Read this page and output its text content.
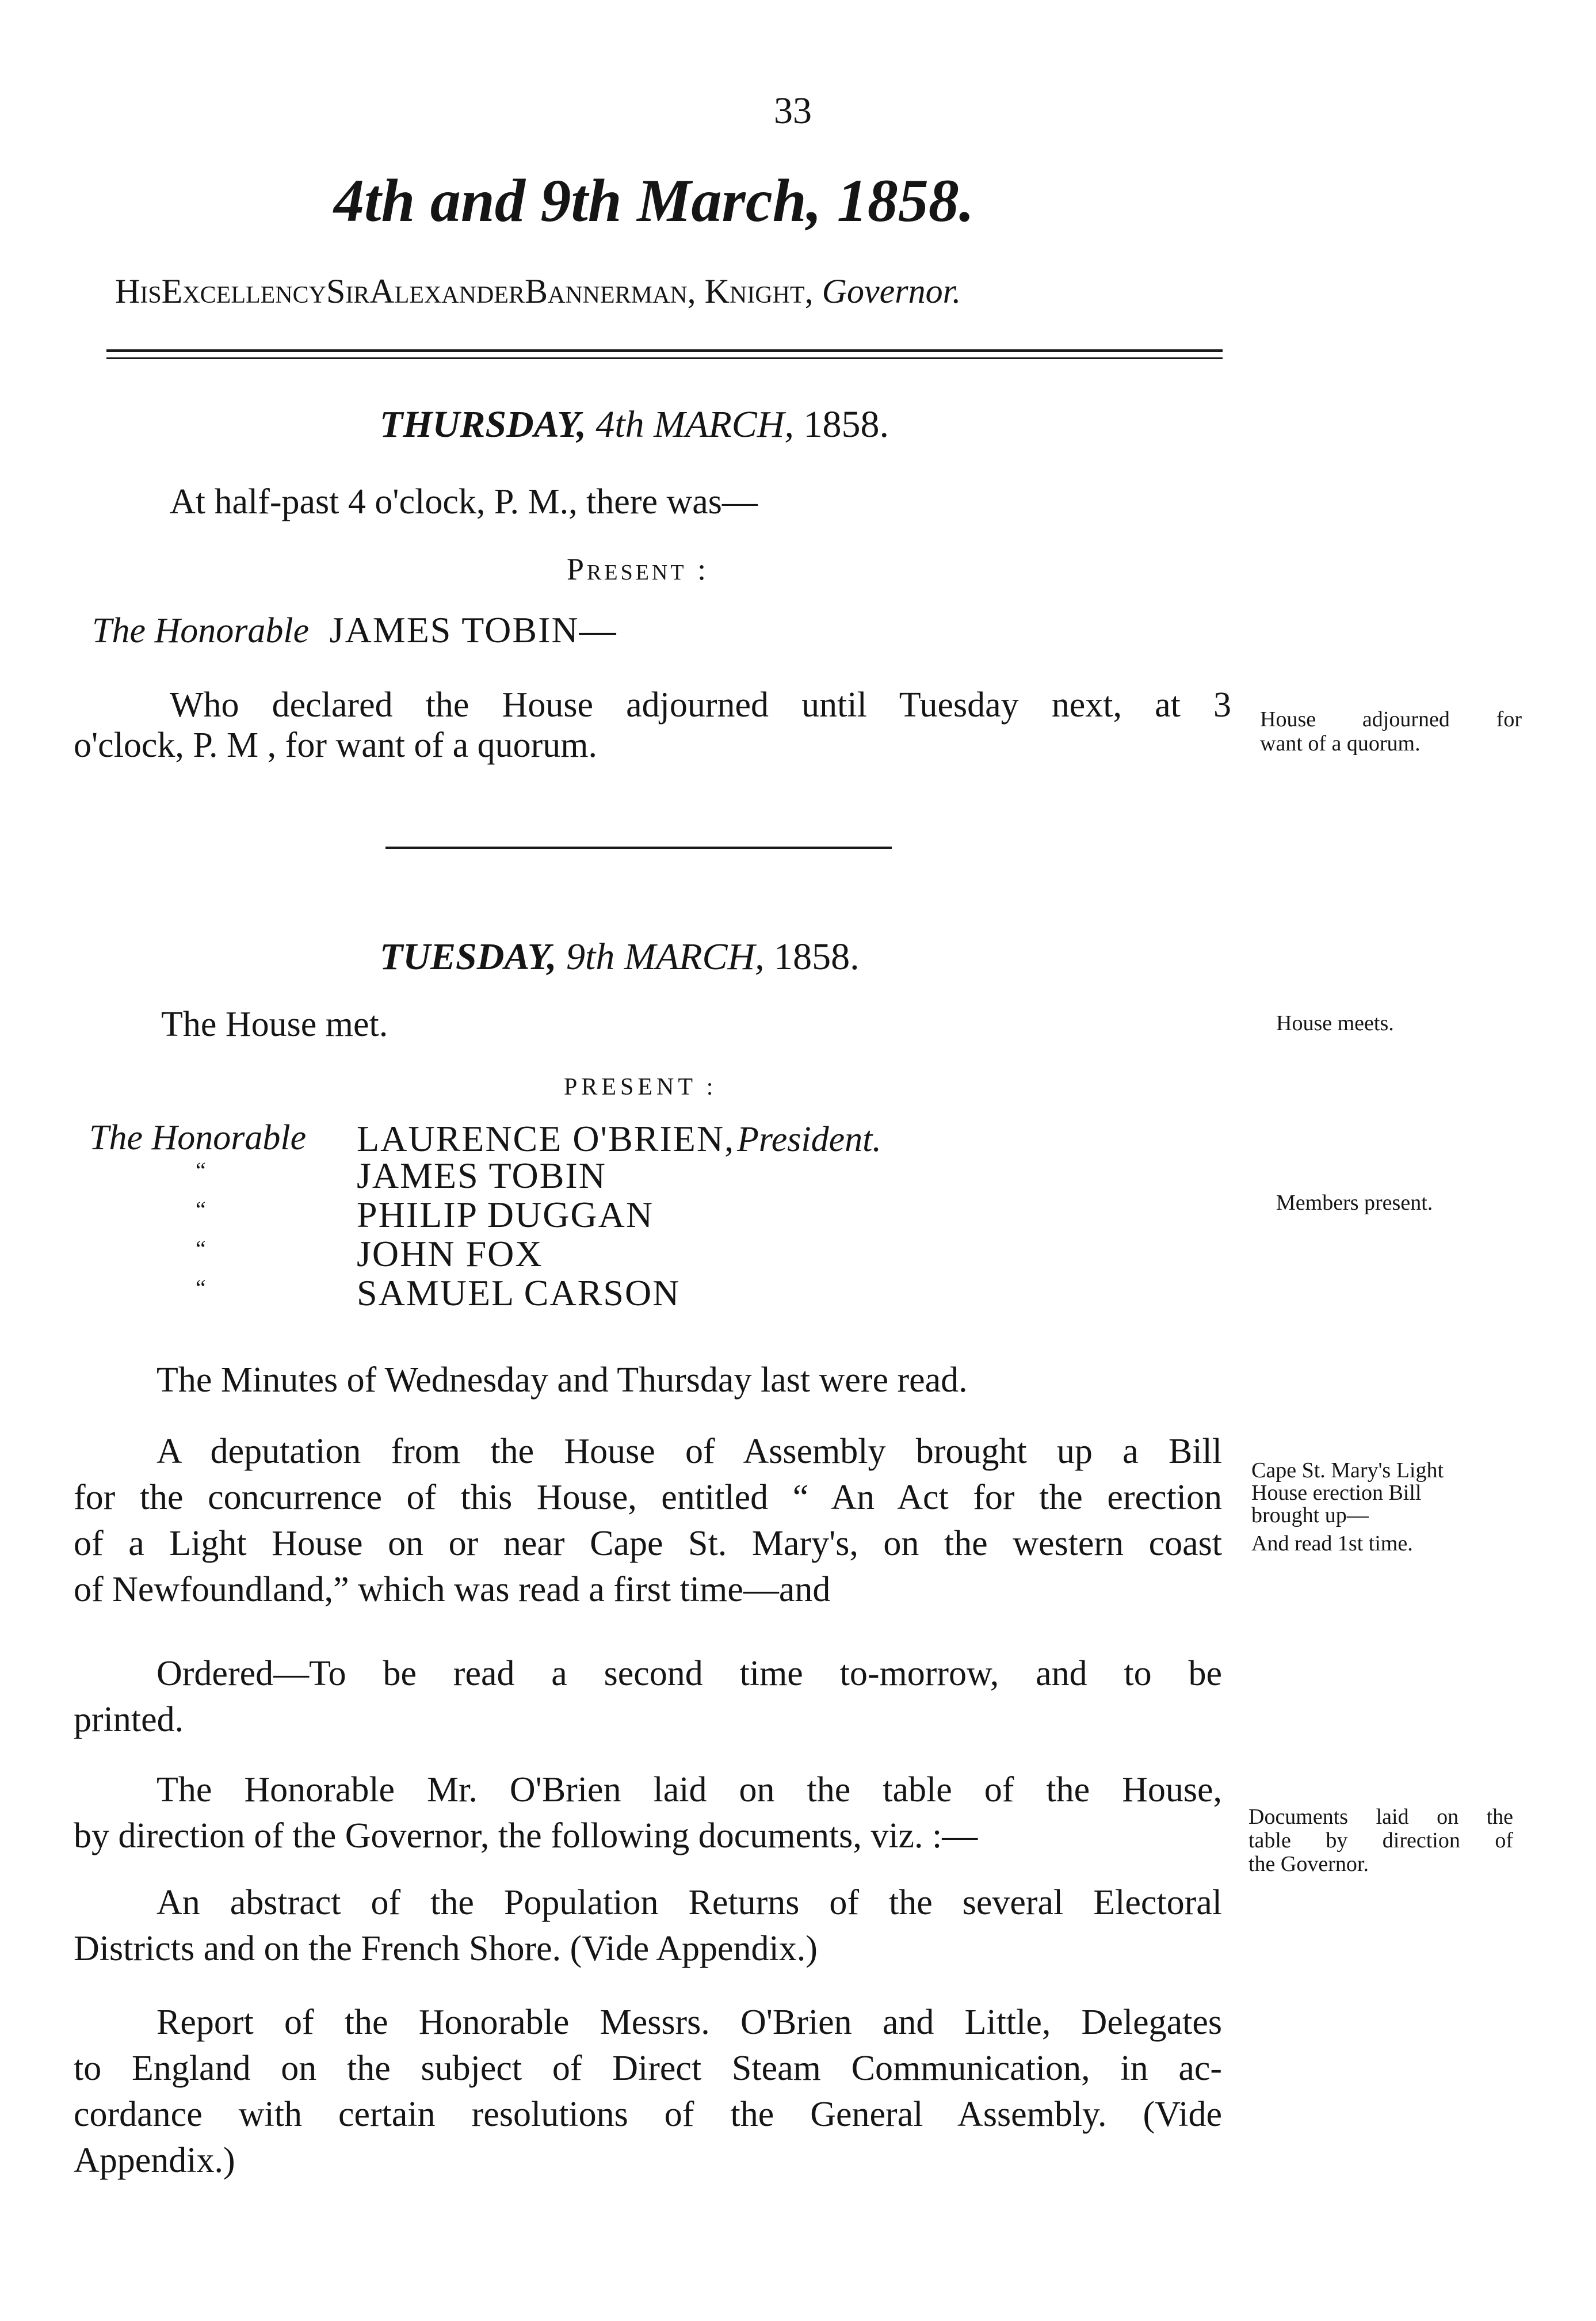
33
4th and 9th March, 1858.
HisExcellencySirAlexanderBannerman, Knight, Governor.
THURSDAY, 4th MARCH, 1858.
At half-past 4 o'clock, P. M., there was—
Present :
The Honorable JAMES TOBIN—
Who declared the House adjourned until Tuesday next, at 3
o'clock, P. M , for want of a quorum.
House adjourned for
want of a quorum.
TUESDAY, 9th MARCH, 1858.
The House met.	House meets.
PRESENT :
The Honorable LAURENCE O'BRIEN, President.
“	JAMES TOBIN
“	PHILIP DUGGAN
“	JOHN FOX
“	SAMUEL CARSON
Members present.
The Minutes of Wednesday and Thursday last were read.
A deputation from the House of Assembly brought up a Bill
for the concurrence of this House, entitled “ An Act for the erection
of a Light House on or near Cape St. Mary's, on the western coast
of Newfoundland,” which was read a first time—and
Cape St. Mary's Light
House erection Bill
brought up—
And read 1st time.
Ordered—To be read a second time to-morrow, and to be
printed.
The Honorable Mr. O'Brien laid on the table of the House,
by direction of the Governor, the following documents, viz. :—	Documents laid on the
table by direction of
the Governor.
An abstract of the Population Returns of the several Electoral
Districts and on the French Shore. (Vide Appendix.)
Report of the Honorable Messrs. O'Brien and Little, Delegates
to England on the subject of Direct Steam Communication, in ac-
cordance with certain resolutions of the General Assembly. (Vide
Appendix.)
